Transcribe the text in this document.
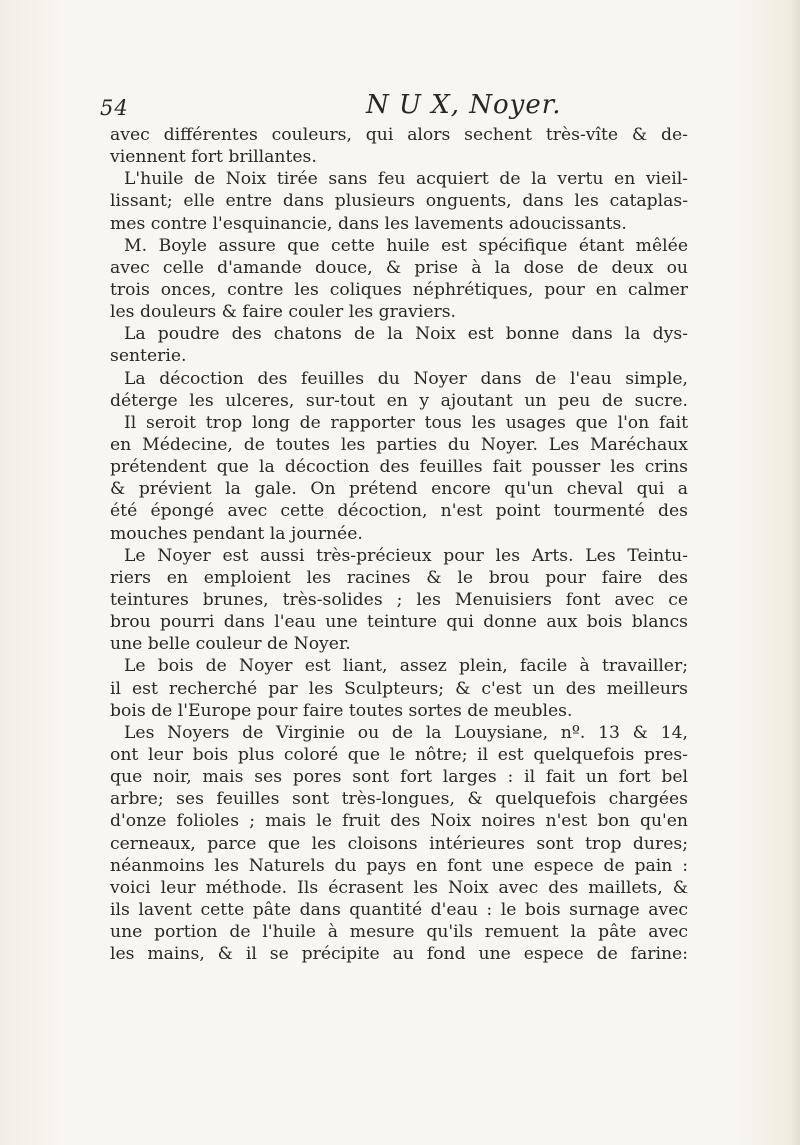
54	N U X, Noyer.
avec différentes couleurs, qui alors sechent très-vîte & de-
viennent fort brillantes.
L'huile de Noix tirée sans feu acquiert de la vertu en vieil-
lissant; elle entre dans plusieurs onguents, dans les cataplas-
mes contre l'esquinancie, dans les lavements adoucissants.
M. Boyle assure que cette huile est spécifique étant mêlée
avec celle d'amande douce, & prise à la dose de deux ou
trois onces, contre les coliques néphrétiques, pour en calmer
les douleurs & faire couler les graviers.
La poudre des chatons de la Noix est bonne dans la dys-
senterie.
La décoction des feuilles du Noyer dans de l'eau simple,
déterge les ulceres, sur-tout en y ajoutant un peu de sucre.
Il seroit trop long de rapporter tous les usages que l'on fait
en Médecine, de toutes les parties du Noyer. Les Maréchaux
prétendent que la décoction des feuilles fait pousser les crins
& prévient la gale. On prétend encore qu'un cheval qui a
été épongé avec cette décoction, n'est point tourmenté des
mouches pendant la journée.
Le Noyer est aussi très-précieux pour les Arts. Les Teintu-
riers en emploient les racines & le brou pour faire des
teintures brunes, très-solides ; les Menuisiers font avec ce
brou pourri dans l'eau une teinture qui donne aux bois blancs
une belle couleur de Noyer.
Le bois de Noyer est liant, assez plein, facile à travailler;
il est recherché par les Sculpteurs; & c'est un des meilleurs
bois de l'Europe pour faire toutes sortes de meubles.
Les Noyers de Virginie ou de la Louysiane, nº. 13 & 14,
ont leur bois plus coloré que le nôtre; il est quelquefois pres-
que noir, mais ses pores sont fort larges : il fait un fort bel
arbre; ses feuilles sont très-longues, & quelquefois chargées
d'onze folioles ; mais le fruit des Noix noires n'est bon qu'en
cerneaux, parce que les cloisons intérieures sont trop dures;
néanmoins les Naturels du pays en font une espece de pain :
voici leur méthode. Ils écrasent les Noix avec des maillets, &
ils lavent cette pâte dans quantité d'eau : le bois surnage avec
une portion de l'huile à mesure qu'ils remuent la pâte avec
les mains, & il se précipite au fond une espece de farine:
